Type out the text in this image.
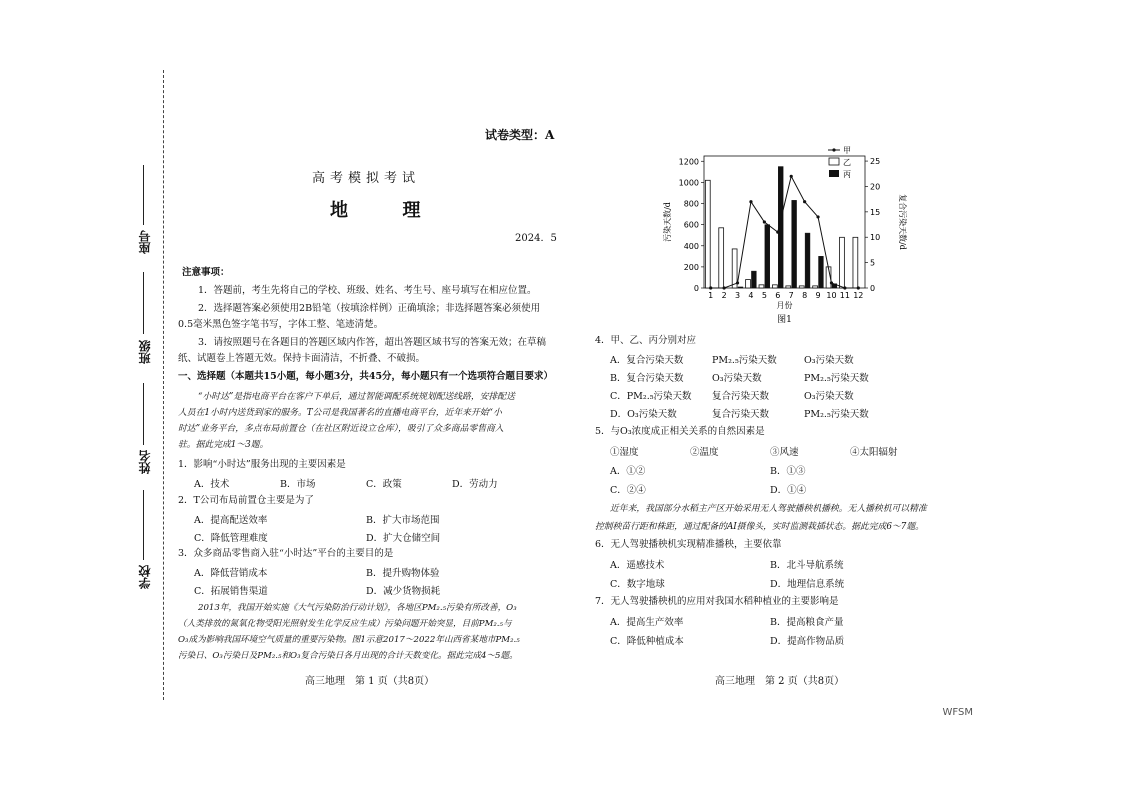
座号
班级
姓名
学校
试卷类型：A
高考模拟考试
地  理
2024．5
注意事项：
1．答题前，考生先将自己的学校、班级、姓名、考生号、座号填写在相应位置。
2．选择题答案必须使用2B铅笔（按填涂样例）正确填涂；非选择题答案必须使用
0.5毫米黑色签字笔书写，字体工整、笔迹清楚。
3．请按照题号在各题目的答题区域内作答，超出答题区域书写的答案无效；在草稿
纸、试题卷上答题无效。保持卡面清洁，不折叠、不破损。
一、选择题（本题共15小题，每小题3分，共45分，每小题只有一个选项符合题目要求）
“小时达”是指电商平台在客户下单后，通过智能调配系统规划配送线路，安排配送
人员在1小时内送货到家的服务。T公司是我国著名的直播电商平台，近年来开始“小
时达”业务平台，多点布局前置仓（在社区附近设立仓库），吸引了众多商品零售商入
驻。据此完成1～3题。
1．影响“小时达”服务出现的主要因素是
A．技术	B．市场	C．政策	D．劳动力
2．T公司布局前置仓主要是为了
A．提高配送效率	B．扩大市场范围
C．降低管理难度	D．扩大仓储空间
3．众多商品零售商入驻“小时达”平台的主要目的是
A．降低营销成本	B．提升购物体验
C．拓展销售渠道	D．减少货物损耗
2013年，我国开始实施《大气污染防治行动计划》，各地区PM₂.₅污染有所改善，O₃
（人类排放的氮氧化物受阳光照射发生化学反应生成）污染问题开始突显，目前PM₂.₅与
O₃成为影响我国环境空气质量的重要污染物。图1示意2017～2022年山西省某地市PM₂.₅
污染日、O₃污染日及PM₂.₅和O₃复合污染日各月出现的合计天数变化。据此完成4～5题。
高三地理　第 1 页（共8页）
0
200
400
600
800
1000
1200
0
5
10
15
20
25
1 2 3 4 5 6 7 8 9 10 11 12
月份
图1
污染天数/d	复合污染天数/d
甲
乙
丙
4．甲、乙、丙分别对应
A．复合污染天数	PM₂.₅污染天数	O₃污染天数
B．复合污染天数	O₃污染天数	PM₂.₅污染天数
C．PM₂.₅污染天数 复合污染天数	O₃污染天数
D．O₃污染天数	复合污染天数	PM₂.₅污染天数
5．与O₃浓度成正相关关系的自然因素是
①湿度	②温度	③风速	④太阳辐射
A．①②	B．①③
C．②④	D．①④
近年来，我国部分水稻主产区开始采用无人驾驶播秧机播秧。无人播秧机可以精准
控制秧苗行距和株距，通过配备的AI摄像头，实时监测栽插状态。据此完成6～7题。
6．无人驾驶播秧机实现精准播秧，主要依靠
A．遥感技术	B．北斗导航系统
C．数字地球	D．地理信息系统
7．无人驾驶播秧机的应用对我国水稻种植业的主要影响是
A．提高生产效率	B．提高粮食产量
C．降低种植成本	D．提高作物品质
高三地理　第 2 页（共8页）
WFSM
